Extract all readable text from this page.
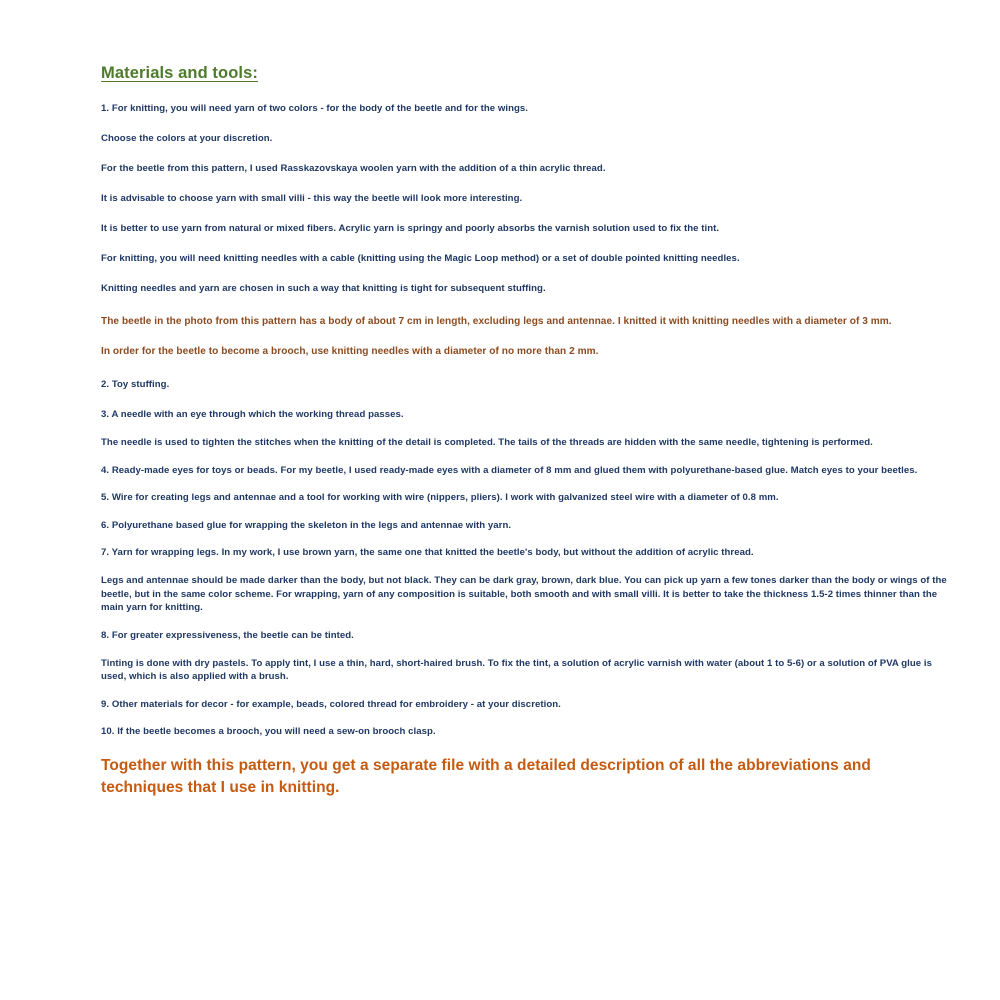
Materials and tools:

1. For knitting, you will need yarn of two colors - for the body of the beetle and for the wings.

Choose the colors at your discretion.

For the beetle from this pattern, I used Rasskazovskaya woolen yarn with the addition of a thin acrylic thread.

It is advisable to choose yarn with small villi - this way the beetle will look more interesting.

It is better to use yarn from natural or mixed fibers. Acrylic yarn is springy and poorly absorbs the varnish solution used to fix the tint.

For knitting, you will need knitting needles with a cable (knitting using the Magic Loop method) or a set of double pointed knitting needles.

Knitting needles and yarn are chosen in such a way that knitting is tight for subsequent stuffing.

The beetle in the photo from this pattern has a body of about 7 cm in length, excluding legs and antennae. I knitted it with knitting needles with a diameter of 3 mm.

In order for the beetle to become a brooch, use knitting needles with a diameter of no more than 2 mm.

2. Toy stuffing.

3. A needle with an eye through which the working thread passes.

The needle is used to tighten the stitches when the knitting of the detail is completed. The tails of the threads are hidden with the same needle, tightening is performed.

4. Ready-made eyes for toys or beads. For my beetle, I used ready-made eyes with a diameter of 8 mm and glued them with polyurethane-based glue. Match eyes to your beetles.

5. Wire for creating legs and antennae and a tool for working with wire (nippers, pliers). I work with galvanized steel wire with a diameter of 0.8 mm.

6. Polyurethane based glue for wrapping the skeleton in the legs and antennae with yarn.

7. Yarn for wrapping legs. In my work, I use brown yarn, the same one that knitted the beetle's body, but without the addition of acrylic thread.

Legs and antennae should be made darker than the body, but not black. They can be dark gray, brown, dark blue. You can pick up yarn a few tones darker than the body or wings of the beetle, but in the same color scheme. For wrapping, yarn of any composition is suitable, both smooth and with small villi. It is better to take the thickness 1.5-2 times thinner than the main yarn for knitting.

8. For greater expressiveness, the beetle can be tinted.

Tinting is done with dry pastels. To apply tint, I use a thin, hard, short-haired brush. To fix the tint, a solution of acrylic varnish with water (about 1 to 5-6) or a solution of PVA glue is used, which is also applied with a brush.

9. Other materials for decor - for example, beads, colored thread for embroidery - at your discretion.

10. If the beetle becomes a brooch, you will need a sew-on brooch clasp.

Together with this pattern, you get a separate file with a detailed description of all the abbreviations and techniques that I use in knitting.
